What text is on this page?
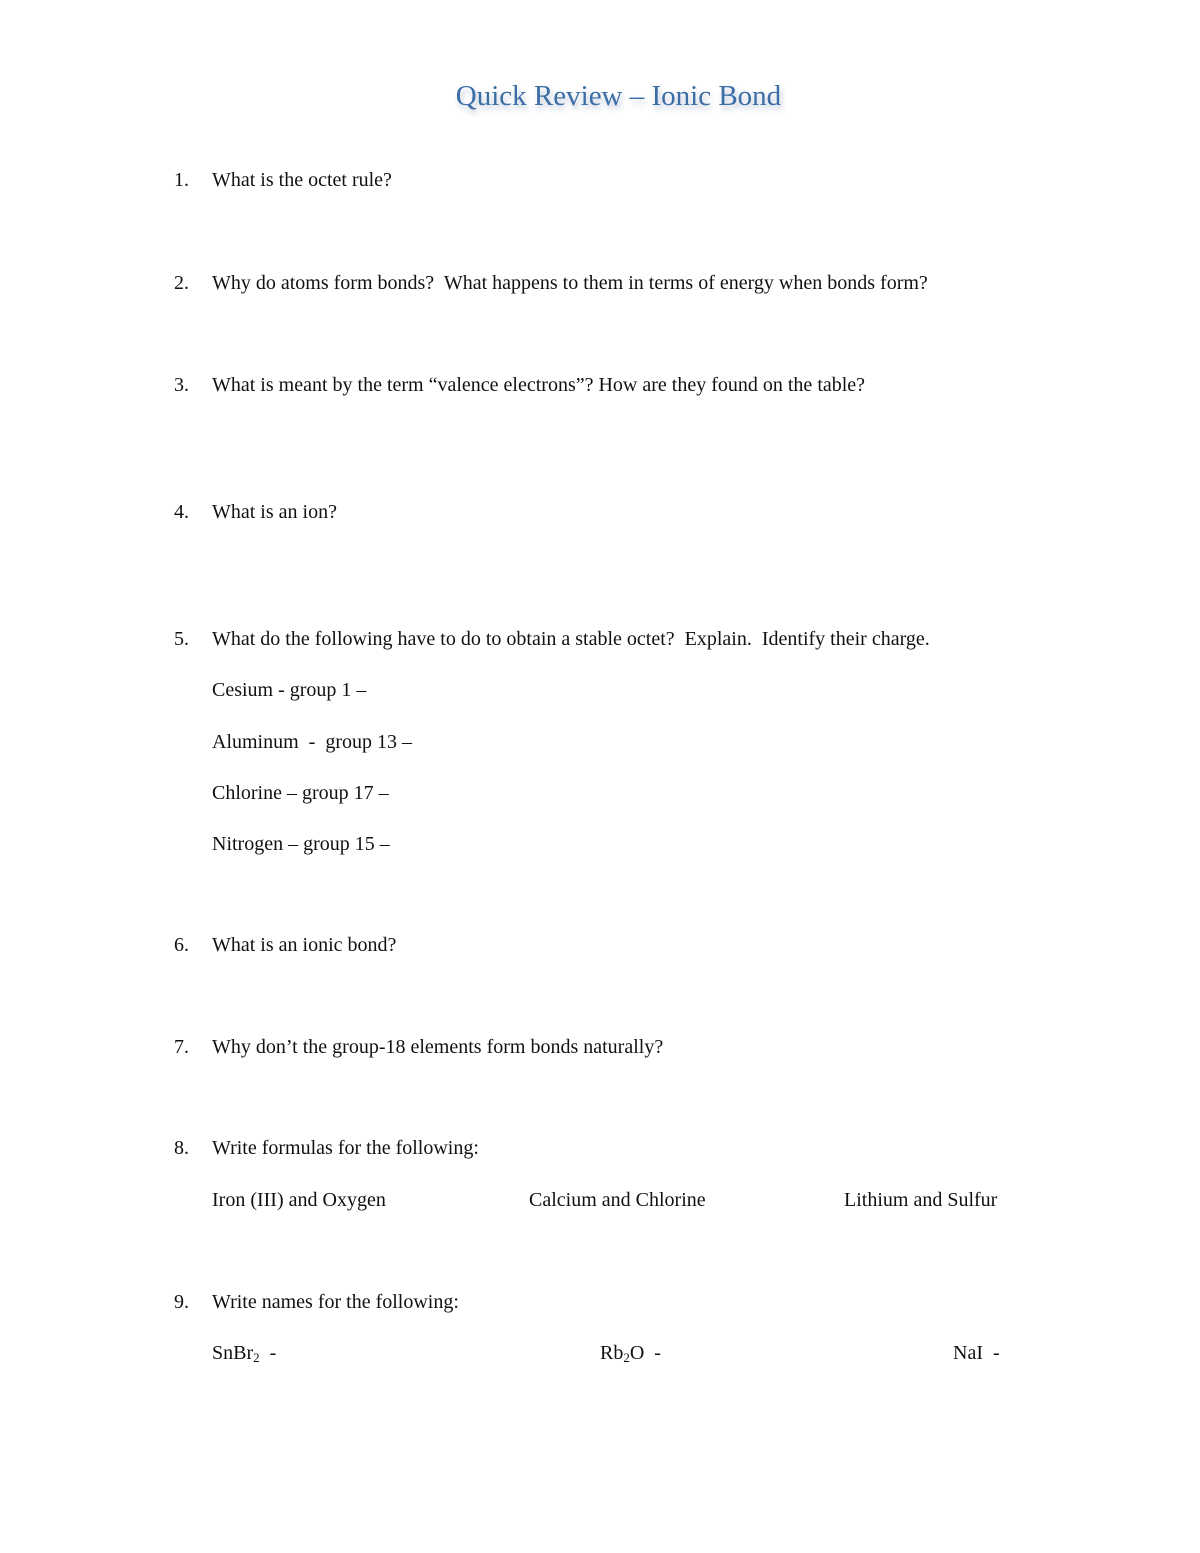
Quick Review – Ionic Bond
1. What is the octet rule?
2. Why do atoms form bonds?  What happens to them in terms of energy when bonds form?
3. What is meant by the term “valence electrons”? How are they found on the table?
4. What is an ion?
5. What do the following have to do to obtain a stable octet?  Explain.  Identify their charge.
Cesium - group 1 –
Aluminum  -  group 13 –
Chlorine – group 17 –
Nitrogen – group 15 –
6. What is an ionic bond?
7. Why don’t the group-18 elements form bonds naturally?
8. Write formulas for the following:
Iron (III) and Oxygen	Calcium and Chlorine	Lithium and Sulfur
9. Write names for the following:
SnBr$_2$  -	$Rb_2O$  -	NaI  -
